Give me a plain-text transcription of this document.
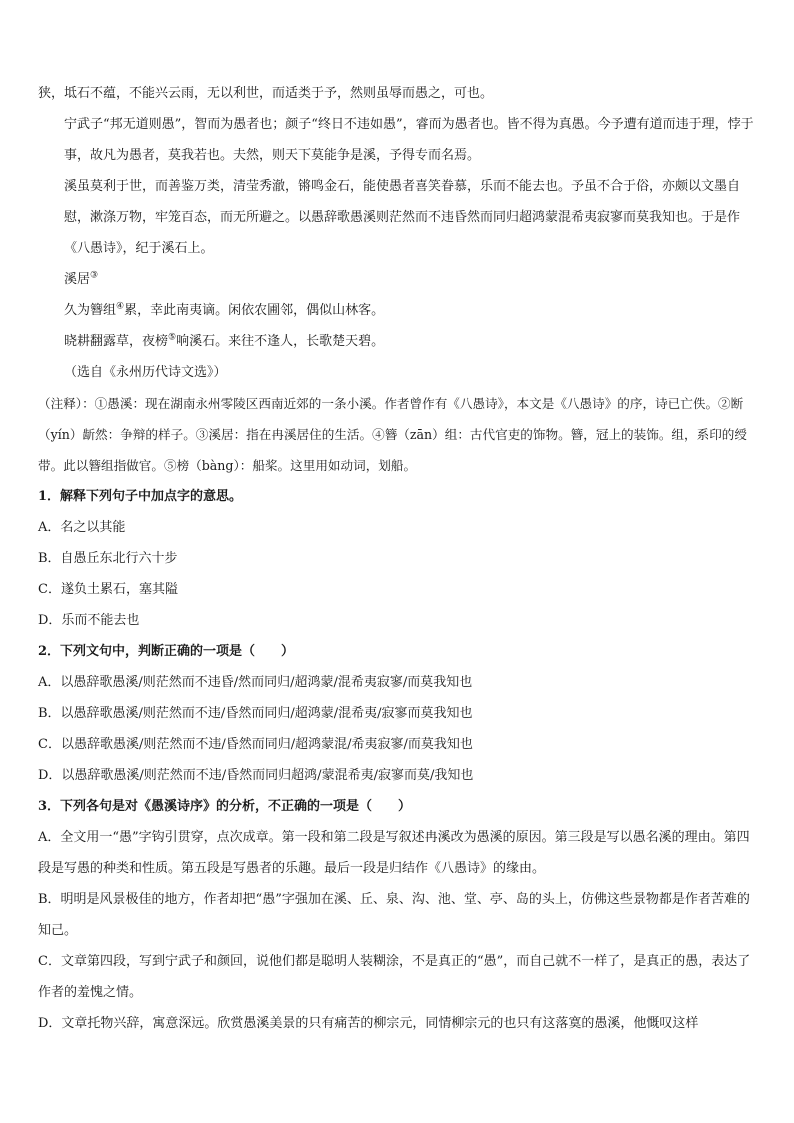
狭，坻石不蕴，不能兴云雨，无以利世，而适类于予，然则虽辱而愚之，可也。
宁武子“邦无道则愚”，智而为愚者也；颜子“终日不违如愚”，睿而为愚者也。皆不得为真愚。今予遭有道而违于理，悖于事，故凡为愚者，莫我若也。夫然，则天下莫能争是溪，予得专而名焉。
溪虽莫利于世，而善鉴万类，清莹秀澈，锵鸣金石，能使愚者喜笑眷慕，乐而不能去也。予虽不合于俗，亦颇以文墨自慰，漱涤万物，牢笼百态，而无所避之。以愚辞歌愚溪则茫然而不违昏然而同归超鸿蒙混希夷寂寥而莫我知也。于是作《八愚诗》，纪于溪石上。
溪居③
久为簪组④累，幸此南夷谪。闲依农圃邻，偶似山林客。
晓耕翻露草，夜榜⑤响溪石。来往不逢人，长歌楚天碧。
（选自《永州历代诗文选》）
（注释）：①愚溪：现在湖南永州零陵区西南近郊的一条小溪。作者曾作有《八愚诗》，本文是《八愚诗》的序，诗已亡佚。②断（yín）龂然：争辩的样子。③溪居：指在冉溪居住的生活。④簪（zān）组：古代官吏的饰物。簪，冠上的装饰。组，系印的绶带。此以簪组指做官。⑤榜（bàng）：船桨。这里用如动词，划船。
1．解释下列句子中加点字的意思。
A．名之以其能
B．自愚丘东北行六十步
C．遂负土累石，塞其隘
D．乐而不能去也
2．下列文句中，判断正确的一项是（　　）
A．以愚辞歌愚溪/则茫然而不违昏/然而同归/超鸿蒙/混希夷寂寥/而莫我知也
B．以愚辞歌愚溪/则茫然而不违/昏然而同归/超鸿蒙/混希夷/寂寥而莫我知也
C．以愚辞歌愚溪/则茫然而不违/昏然而同归/超鸿蒙混/希夷寂寥/而莫我知也
D．以愚辞歌愚溪/则茫然而不违/昏然而同归超鸿/蒙混希夷/寂寥而莫/我知也
3．下列各句是对《愚溪诗序》的分析，不正确的一项是（　　）
A．全文用一“愚”字钩引贯穿，点次成章。第一段和第二段是写叙述冉溪改为愚溪的原因。第三段是写以愚名溪的理由。第四段是写愚的种类和性质。第五段是写愚者的乐趣。最后一段是归结作《八愚诗》的缘由。
B．明明是风景极佳的地方，作者却把“愚”字强加在溪、丘、泉、沟、池、堂、亭、岛的头上，仿佛这些景物都是作者苦难的知己。
C．文章第四段，写到宁武子和颜回，说他们都是聪明人装糊涂，不是真正的“愚”，而自己就不一样了，是真正的愚，表达了作者的羞愧之情。
D．文章托物兴辞，寓意深远。欣赏愚溪美景的只有痛苦的柳宗元，同情柳宗元的也只有这落寞的愚溪，他慨叹这样
